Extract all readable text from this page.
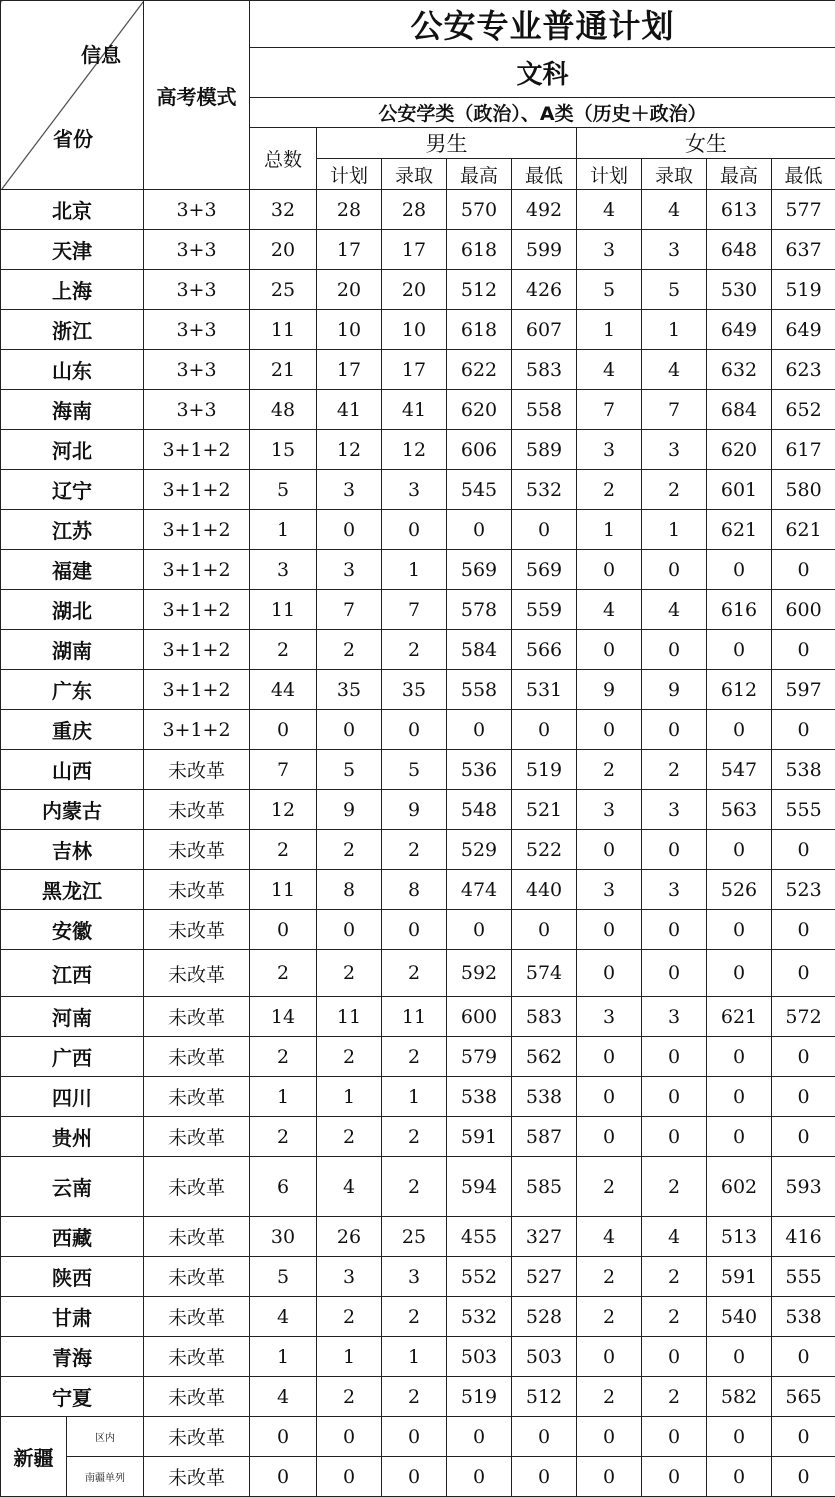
信息
省份		高考模式	公安专业普通计划								
			文科								
			公安学类（政治）、A类（历史＋政治）								
			总数	男生				女生			
				计划	录取	最高	最低	计划	录取	最高	最低
北京		3+3	32	28	28	570	492	4	4	613	577
天津		3+3	20	17	17	618	599	3	3	648	637
上海		3+3	25	20	20	512	426	5	5	530	519
浙江		3+3	11	10	10	618	607	1	1	649	649
山东		3+3	21	17	17	622	583	4	4	632	623
海南		3+3	48	41	41	620	558	7	7	684	652
河北		3+1+2	15	12	12	606	589	3	3	620	617
辽宁		3+1+2	5	3	3	545	532	2	2	601	580
江苏		3+1+2	1	0	0	0	0	1	1	621	621
福建		3+1+2	3	3	1	569	569	0	0	0	0
湖北		3+1+2	11	7	7	578	559	4	4	616	600
湖南		3+1+2	2	2	2	584	566	0	0	0	0
广东		3+1+2	44	35	35	558	531	9	9	612	597
重庆		3+1+2	0	0	0	0	0	0	0	0	0
山西		未改革	7	5	5	536	519	2	2	547	538
内蒙古		未改革	12	9	9	548	521	3	3	563	555
吉林		未改革	2	2	2	529	522	0	0	0	0
黑龙江		未改革	11	8	8	474	440	3	3	526	523
安徽		未改革	0	0	0	0	0	0	0	0	0
江西		未改革	2	2	2	592	574	0	0	0	0
河南		未改革	14	11	11	600	583	3	3	621	572
广西		未改革	2	2	2	579	562	0	0	0	0
四川		未改革	1	1	1	538	538	0	0	0	0
贵州		未改革	2	2	2	591	587	0	0	0	0
云南		未改革	6	4	2	594	585	2	2	602	593
西藏		未改革	30	26	25	455	327	4	4	513	416
陕西		未改革	5	3	3	552	527	2	2	591	555
甘肃		未改革	4	2	2	532	528	2	2	540	538
青海		未改革	1	1	1	503	503	0	0	0	0
宁夏		未改革	4	2	2	519	512	2	2	582	565
新疆	区内	未改革	0	0	0	0	0	0	0	0	0
	南疆单列	未改革	0	0	0	0	0	0	0	0	0
